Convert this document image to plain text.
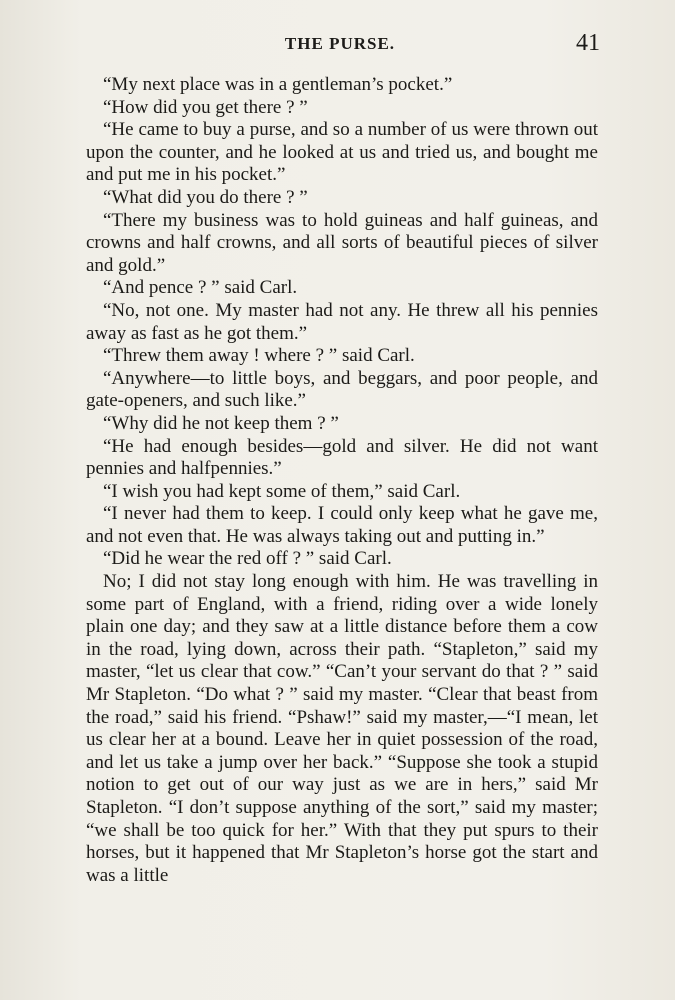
THE PURSE.	41

“My next place was in a gentleman’s pocket.”

“How did you get there ? ”

“He came to buy a purse, and so a number of us were thrown out upon the counter, and he looked at us and tried us, and bought me and put me in his pocket.”

“What did you do there ? ”

“There my business was to hold guineas and half guineas, and crowns and half crowns, and all sorts of beautiful pieces of silver and gold.”

“And pence ? ” said Carl.

“No, not one. My master had not any. He threw all his pennies away as fast as he got them.”

“Threw them away ! where ? ” said Carl.

“Anywhere—to little boys, and beggars, and poor people, and gate-openers, and such like.”

“Why did he not keep them ? ”

“He had enough besides—gold and silver. He did not want pennies and halfpennies.”

“I wish you had kept some of them,” said Carl.

“I never had them to keep. I could only keep what he gave me, and not even that. He was always taking out and putting in.”

“Did he wear the red off ? ” said Carl.

No; I did not stay long enough with him. He was travelling in some part of England, with a friend, riding over a wide lonely plain one day; and they saw at a little distance before them a cow in the road, lying down, across their path. “Stapleton,” said my master, “let us clear that cow.” “Can’t your servant do that ? ” said Mr Stapleton. “Do what ? ” said my master. “Clear that beast from the road,” said his friend. “Pshaw!” said my master,—“I mean, let us clear her at a bound. Leave her in quiet possession of the road, and let us take a jump over her back.” “Suppose she took a stupid notion to get out of our way just as we are in hers,” said Mr Stapleton. “I don’t suppose anything of the sort,” said my master; “we shall be too quick for her.” With that they put spurs to their horses, but it happened that Mr Stapleton’s horse got the start and was a little
